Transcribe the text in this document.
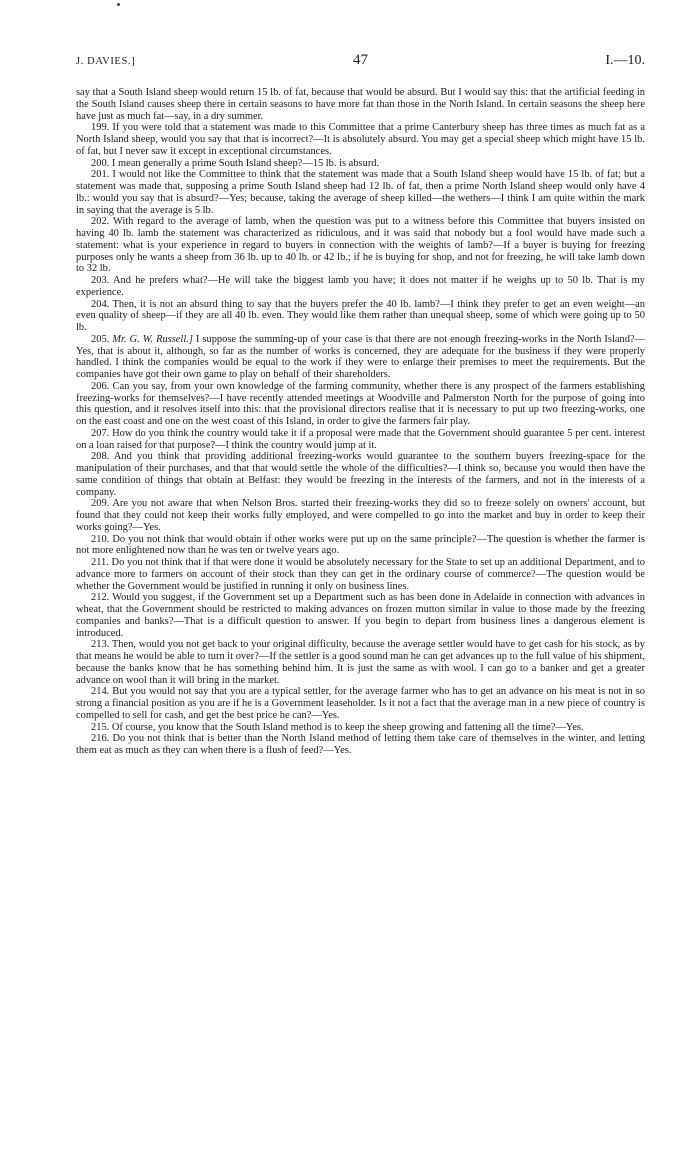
J. DAVIES.]	47	I.—10.

say that a South Island sheep would return 15 lb. of fat, because that would be absurd. But I would say this: that the artificial feeding in the South Island causes sheep there in certain seasons to have more fat than those in the North Island. In certain seasons the sheep here have just as much fat—say, in a dry summer.

199. If you were told that a statement was made to this Committee that a prime Canterbury sheep has three times as much fat as a North Island sheep, would you say that that is incorrect?—It is absolutely absurd. You may get a special sheep which might have 15 lb. of fat, but I never saw it except in exceptional circumstances.

200. I mean generally a prime South Island sheep?—15 lb. is absurd.

201. I would not like the Committee to think that the statement was made that a South Island sheep would have 15 lb. of fat; but a statement was made that, supposing a prime South Island sheep had 12 lb. of fat, then a prime North Island sheep would only have 4 lb.: would you say that is absurd?—Yes; because, taking the average of sheep killed—the wethers—I think I am quite within the mark in saying that the average is 5 lb.

202. With regard to the average of lamb, when the question was put to a witness before this Committee that buyers insisted on having 40 lb. lamb the statement was characterized as ridiculous, and it was said that nobody but a fool would have made such a statement: what is your experience in regard to buyers in connection with the weights of lamb?—If a buyer is buying for freezing purposes only he wants a sheep from 36 lb. up to 40 lb. or 42 lb.; if he is buying for shop, and not for freezing, he will take lamb down to 32 lb.

203. And he prefers what?—He will take the biggest lamb you have; it does not matter if he weighs up to 50 lb. That is my experience.

204. Then, it is not an absurd thing to say that the buyers prefer the 40 lb. lamb?—I think they prefer to get an even weight—an even quality of sheep—if they are all 40 lb. even. They would like them rather than unequal sheep, some of which were going up to 50 lb.

205. Mr. G. W. Russell.] I suppose the summing-up of your case is that there are not enough freezing-works in the North Island?—Yes, that is about it, although, so far as the number of works is concerned, they are adequate for the business if they were properly handled. I think the companies would be equal to the work if they were to enlarge their premises to meet the requirements. But the companies have got their own game to play on behalf of their shareholders.

206. Can you say, from your own knowledge of the farming community, whether there is any prospect of the farmers establishing freezing-works for themselves?—I have recently attended meetings at Woodville and Palmerston North for the purpose of going into this question, and it resolves itself into this: that the provisional directors realise that it is necessary to put up two freezing-works, one on the east coast and one on the west coast of this Island, in order to give the farmers fair play.

207. How do you think the country would take it if a proposal were made that the Government should guarantee 5 per cent. interest on a loan raised for that purpose?—I think the country would jump at it.

208. And you think that providing additional freezing-works would guarantee to the southern buyers freezing-space for the manipulation of their purchases, and that that would settle the whole of the difficulties?—I think so, because you would then have the same condition of things that obtain at Belfast: they would be freezing in the interests of the farmers, and not in the interests of a company.

209. Are you not aware that when Nelson Bros. started their freezing-works they did so to freeze solely on owners' account, but found that they could not keep their works fully employed, and were compelled to go into the market and buy in order to keep their works going?—Yes.

210. Do you not think that would obtain if other works were put up on the same principle?—The question is whether the farmer is not more enlightened now than he was ten or twelve years ago.

211. Do you not think that if that were done it would be absolutely necessary for the State to set up an additional Department, and to advance more to farmers on account of their stock than they can get in the ordinary course of commerce?—The question would be whether the Government would be justified in running it only on business lines.

212. Would you suggest, if the Government set up a Department such as has been done in Adelaide in connection with advances in wheat, that the Government should be restricted to making advances on frozen mutton similar in value to those made by the freezing companies and banks?—That is a difficult question to answer. If you begin to depart from business lines a dangerous element is introduced.

213. Then, would you not get back to your original difficulty, because the average settler would have to get cash for his stock, as by that means he would be able to turn it over?—If the settler is a good sound man he can get advances up to the full value of his shipment, because the banks know that he has something behind him. It is just the same as with wool. I can go to a banker and get a greater advance on wool than it will bring in the market.

214. But you would not say that you are a typical settler, for the average farmer who has to get an advance on his meat is not in so strong a financial position as you are if he is a Government leaseholder. Is it not a fact that the average man in a new piece of country is compelled to sell for cash, and get the best price he can?—Yes.

215. Of course, you know that the South Island method is to keep the sheep growing and fattening all the time?—Yes.

216. Do you not think that is better than the North Island method of letting them take care of themselves in the winter, and letting them eat as much as they can when there is a flush of feed?—Yes.
